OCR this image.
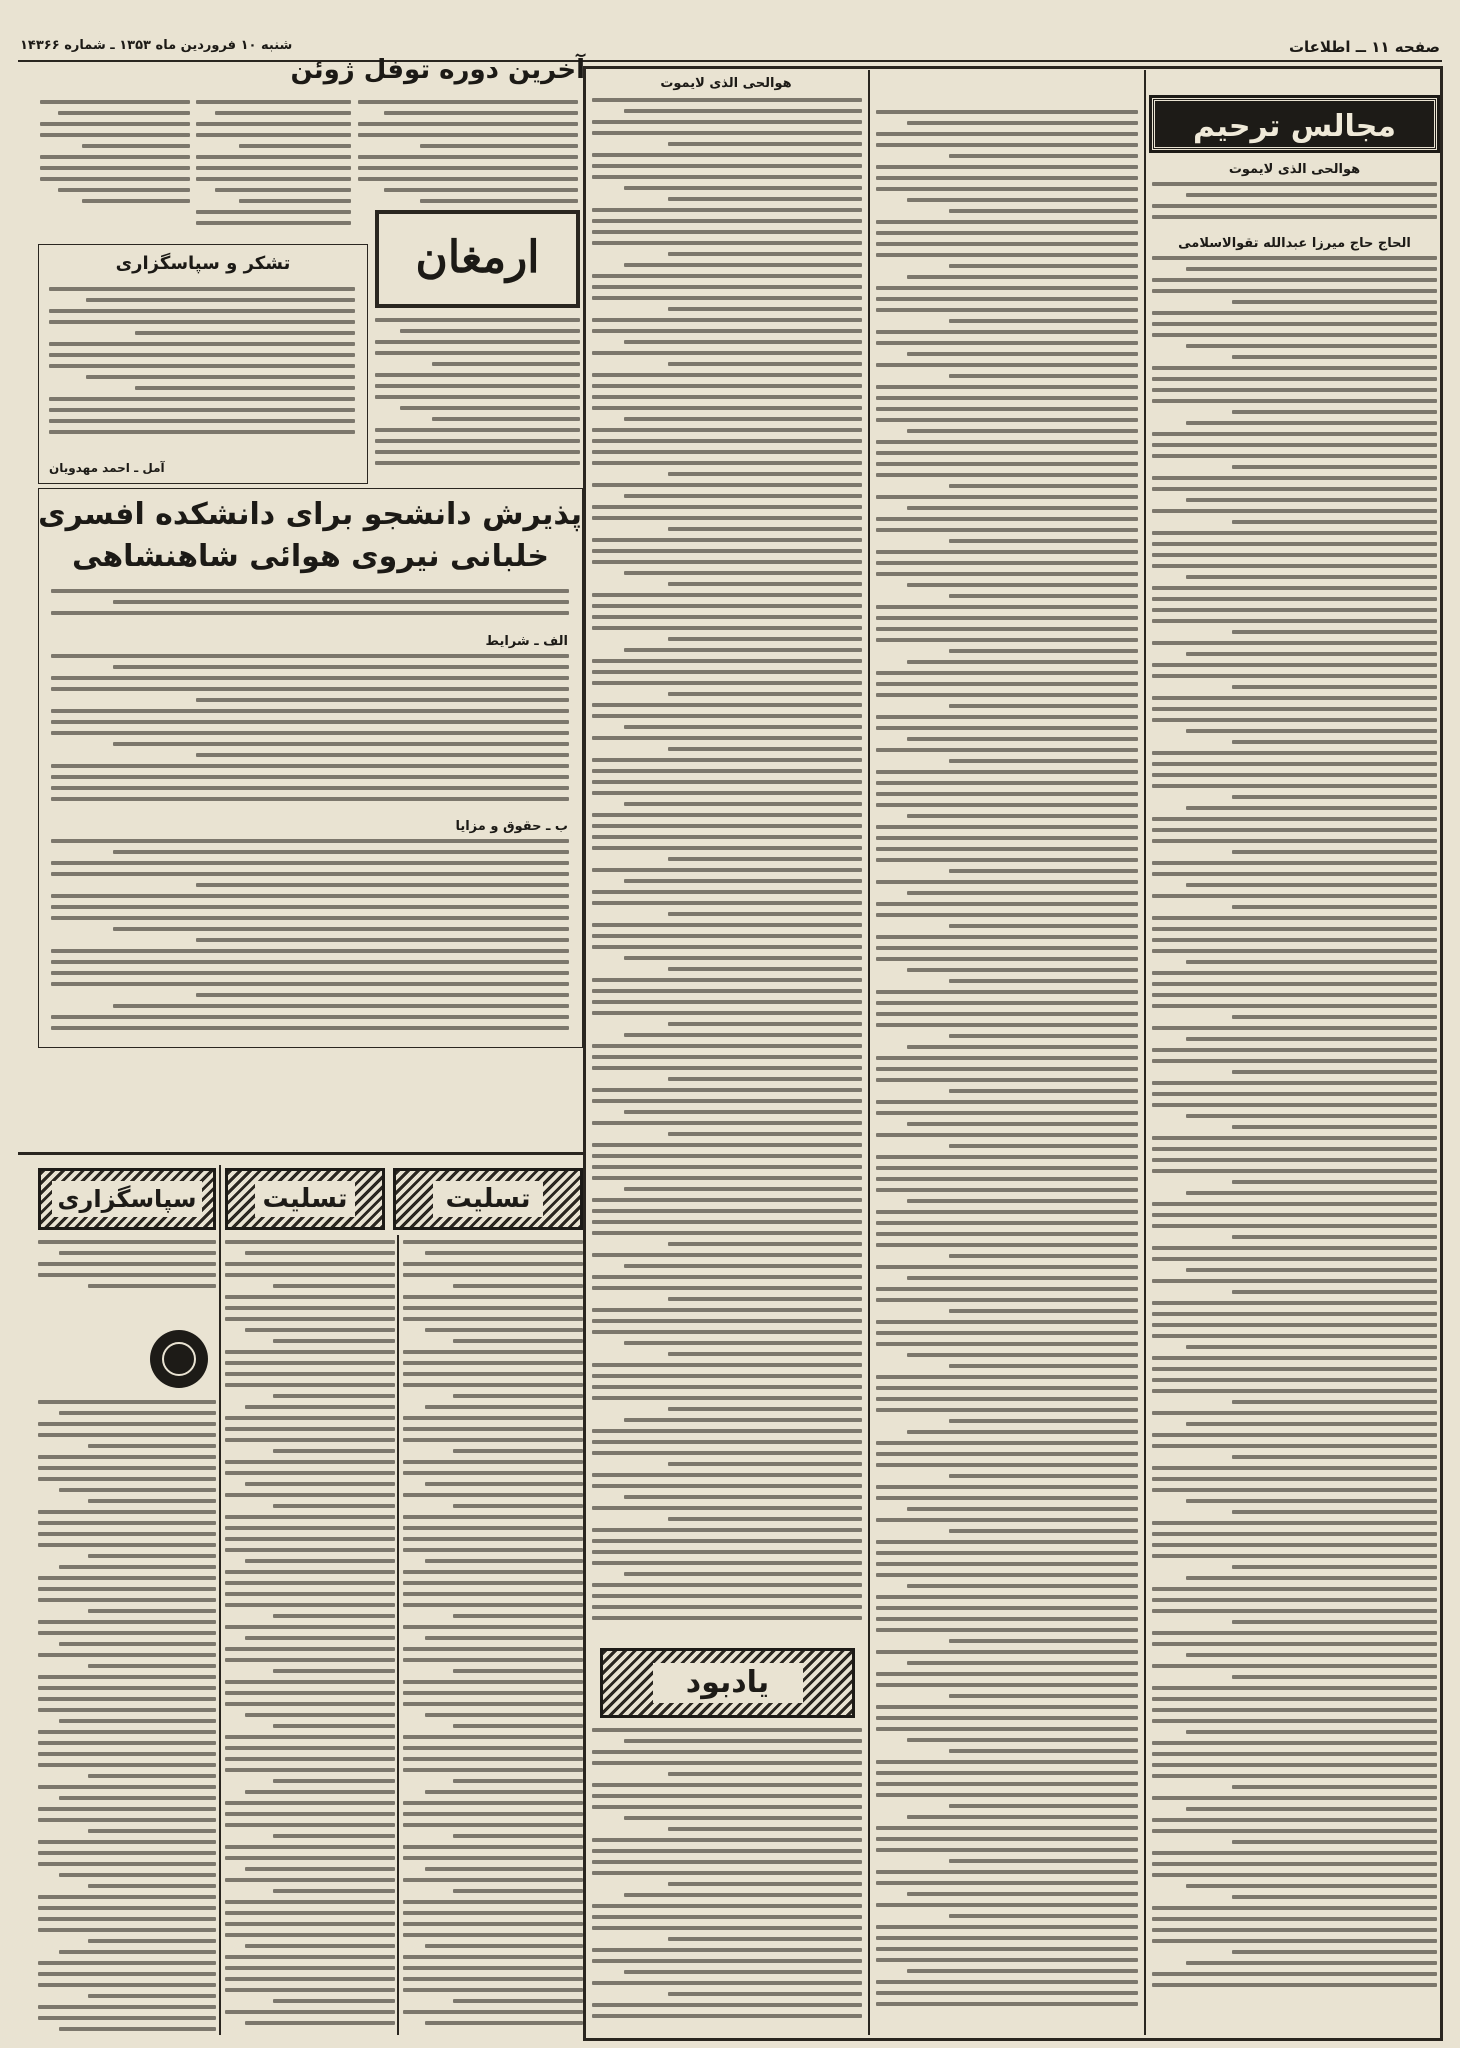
صفحه ۱۱ ــ اطلاعات
شنبه ۱۰ فروردین ماه ۱۳۵۳ ـ شماره ۱۴۳۶۶
آخرین دوره توفل ژوئن
ارمغان
تشکر و سپاسگزاری
آمل ـ احمد مهدویان
پذیرش دانشجو برای دانشکده افسری
خلبانی نیروی هوائی شاهنشاهی
الف ـ شرایط
ب ـ حقوق و مزایا
سپاسگزاری	تسلیت	تسلیت
مجالس ترحیم
هوالحی الذی لایموت
الحاج حاج میرزا عبدالله تقوالاسلامی
هوالحی الذی لایموت
یادبود
